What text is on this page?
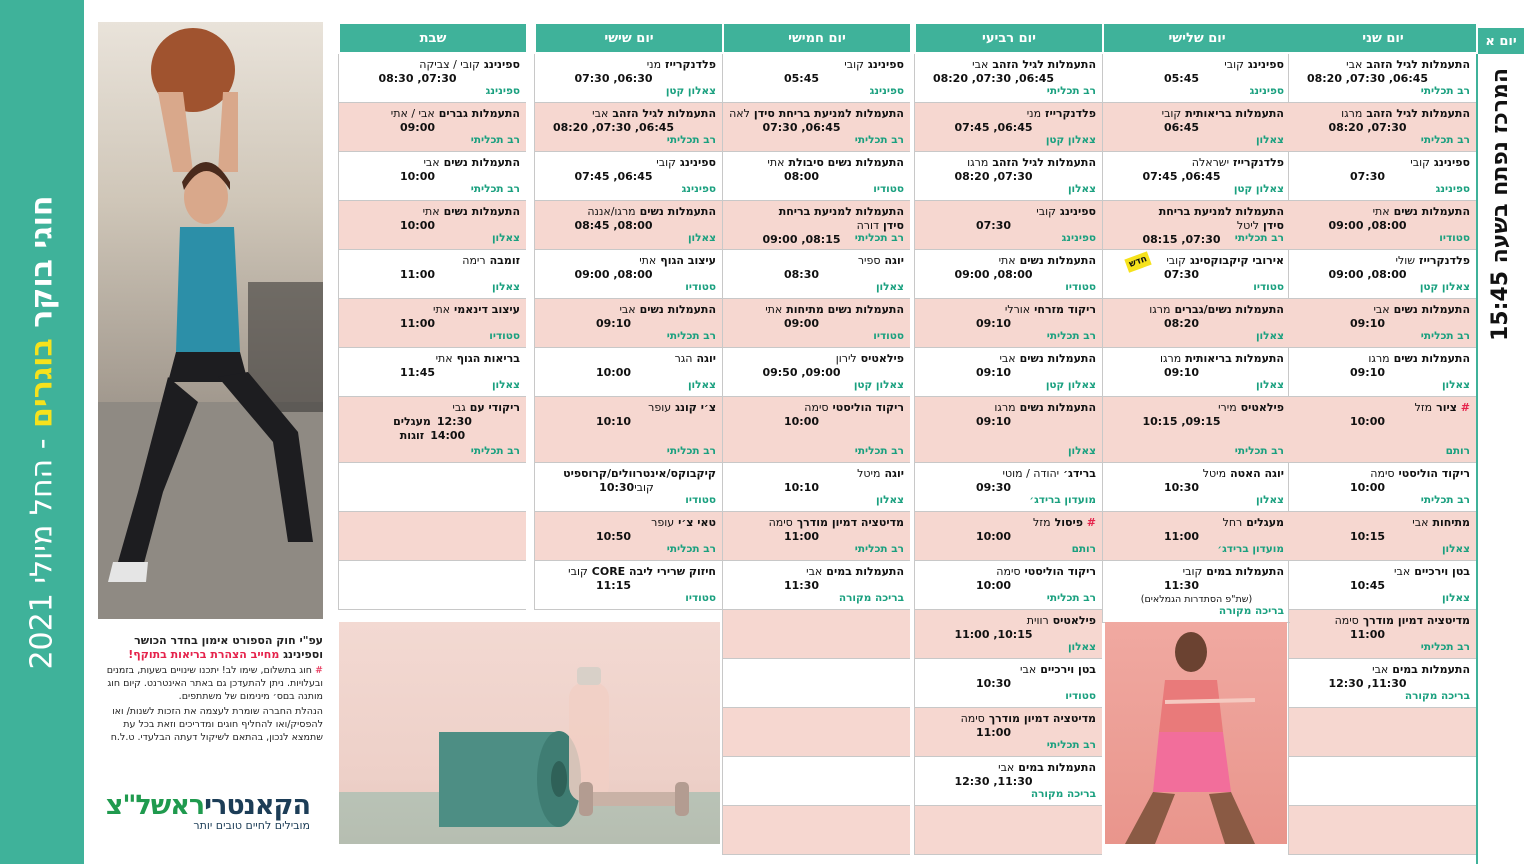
חוגי בוקר בוגרים - החל מיולי 2021
עפ"י חוק הספורט אימון בחדר הכושר
וספינינג מחייב הצהרת בריאות בתוקף!
# חוג בתשלום, שימו לב! יתכנו שינויים בשעות, בזמנים ובעלויות. ניתן להתעדכן גם באתר האינטרנט. קיום חוג מותנה בםס׳ מינימום של משתתפים.
הנהלת החברה שומרת לעצמה את הזכות לשנות/ ואו להפסיק/ואו להחליף חוגים ומדריכים וזאת בכל עת שתמצא לנכון, בהתאם לשיקול דעתה הבלעדי. ט.ל.ח
הקאנטריראשל"צ
מובילים לחיים טובים יותר
יום א
המרכז נפתח בשעה 15:45
יום שני
התעמלות לגיל הזהבאבי
06:45, 07:30, 08:20
רב תכליתי
התעמלות לגיל הזהבמרגו
07:30, 08:20
רב תכליתי
ספינינגקובי
07:30
ספינינג
התעמלות נשיםאתי
08:00, 09:00
סטודיו
פלדנקרייזשולי
08:00, 09:00
צאלון קטן
התעמלות נשיםאבי
09:10
רב תכליתי
התעמלות נשיםמרגו
09:10
צאלון
# ציורמזל
10:00
רותם
ריקוד הוליסטיסימה
10:00
רב תכליתי
מתיחותאבי
10:15
צאלון
בטן וירכייםאבי
10:45
צאלון
מדיטציה דמיון מודרךסימה
11:00
רב תכליתי
התעמלות במיםאבי
11:30, 12:30
בריכה מקורה
יום שלישי
ספינינגקובי
05:45
ספינינג
התעמלות בריאותיתקובי
06:45
צאלון
פלדנקרייזישראלה
06:45, 07:45
צאלון קטן
התעמלות למניעת בריחת סידןליטל
07:30, 08:15	רב תכליתי
אירובי קיקבוקסינגקובי
07:30
חדש
סטודיו
התעמלות נשים/גבריםמרגו
08:20
צאלון
התעמלות בריאותיתמרגו
09:10
צאלון
פילאטיסמירי
09:15, 10:15
רב תכליתי
יוגה האטהמיטל
10:30
צאלון
מעגליםרחל
11:00
מועדון ברידג׳
התעמלות במיםקובי
11:30
(שת"פ הסתדרות הגמלאים)
בריכה מקורה
יום רביעי
התעמלות לגיל הזהבאבי
06:45, 07:30, 08:20
רב תכליתי
פלדנקרייזמני
06:45, 07:45
צאלון קטן
התעמלות לגיל הזהבמרגו
07:30, 08:20
צאלון
ספינינגקובי
07:30
ספינינג
התעמלות נשיםאתי
08:00, 09:00
סטודיו
ריקוד מזרחיאורלי
09:10
רב תכליתי
התעמלות נשיםאבי
09:10
צאלון קטן
התעמלות נשיםמרגו
09:10
צאלון
ברידג׳יהודה / מוטי
09:30
מועדון ברידג׳
# פיסולמזל
10:00
רותם
ריקוד הוליסטיסימה
10:00
רב תכליתי
פילאטיסרווית
10:15, 11:00
צאלון
בטן וירכייםאבי
10:30
סטודיו
מדיטציה דמיון מודרךסימה
11:00
רב תכליתי
התעמלות במיםאבי
11:30, 12:30
בריכה מקורה
יום חמישי
ספינינגקובי
05:45
ספינינג
התעמלות למניעת בריחת סידןלאה
06:45, 07:30
רב תכליתי
התעמלות נשים סיבולתאתי
08:00
סטודיו
התעמלות למניעת בריחת סידןדורה
08:15, 09:00	רב תכליתי
יוגהספיר
08:30
צאלון
התעמלות נשים מתיחותאתי
09:00
סטודיו
פילאטיסלירון
09:00, 09:50
צאלון קטן
ריקוד הוליסטיסימה
10:00
רב תכליתי
יוגהמיטל
10:10
צאלון
מדיטציה דמיון מודרךסימה
11:00
רב תכליתי
התעמלות במיםאבי
11:30
בריכה מקורה
יום שישי
פלדנקרייזמני
06:30, 07:30
צאלון קטן
התעמלות לגיל הזהבאבי
06:45, 07:30, 08:20
רב תכליתי
ספינינגקובי
06:45, 07:45
ספינינג
התעמלות נשיםמרגו/אננה
08:00, 08:45
צאלון
עיצוב הגוףאתי
08:00, 09:00
סטודיו
התעמלות נשיםאבי
09:10
רב תכליתי
יוגההגר
10:00
צאלון
צ׳י קונגעופר
10:10
רב תכליתי
קיקבוקס/אינטרוולים/קרוספיט
קובי10:30
סטודיו
טאי צ׳יעופר
10:50
רב תכליתי
חיזוק שרירי ליבה COREקובי
11:15
סטודיו
שבת
ספינינגקובי / צביקה
07:30, 08:30
ספינינג
התעמלות גבריםאבי / אתי
09:00
רב תכליתי
התעמלות נשיםאבי
10:00
רב תכליתי
התעמלות נשיםאתי
10:00
צאלון
זומבהרימה
11:00
צאלון
עיצוב דינאמיאתי
11:00
סטודיו
בריאות הגוףאתי
11:45
צאלון
ריקודי עםגבי
12:30מעגלים
14:00זוגות
רב תכליתי
